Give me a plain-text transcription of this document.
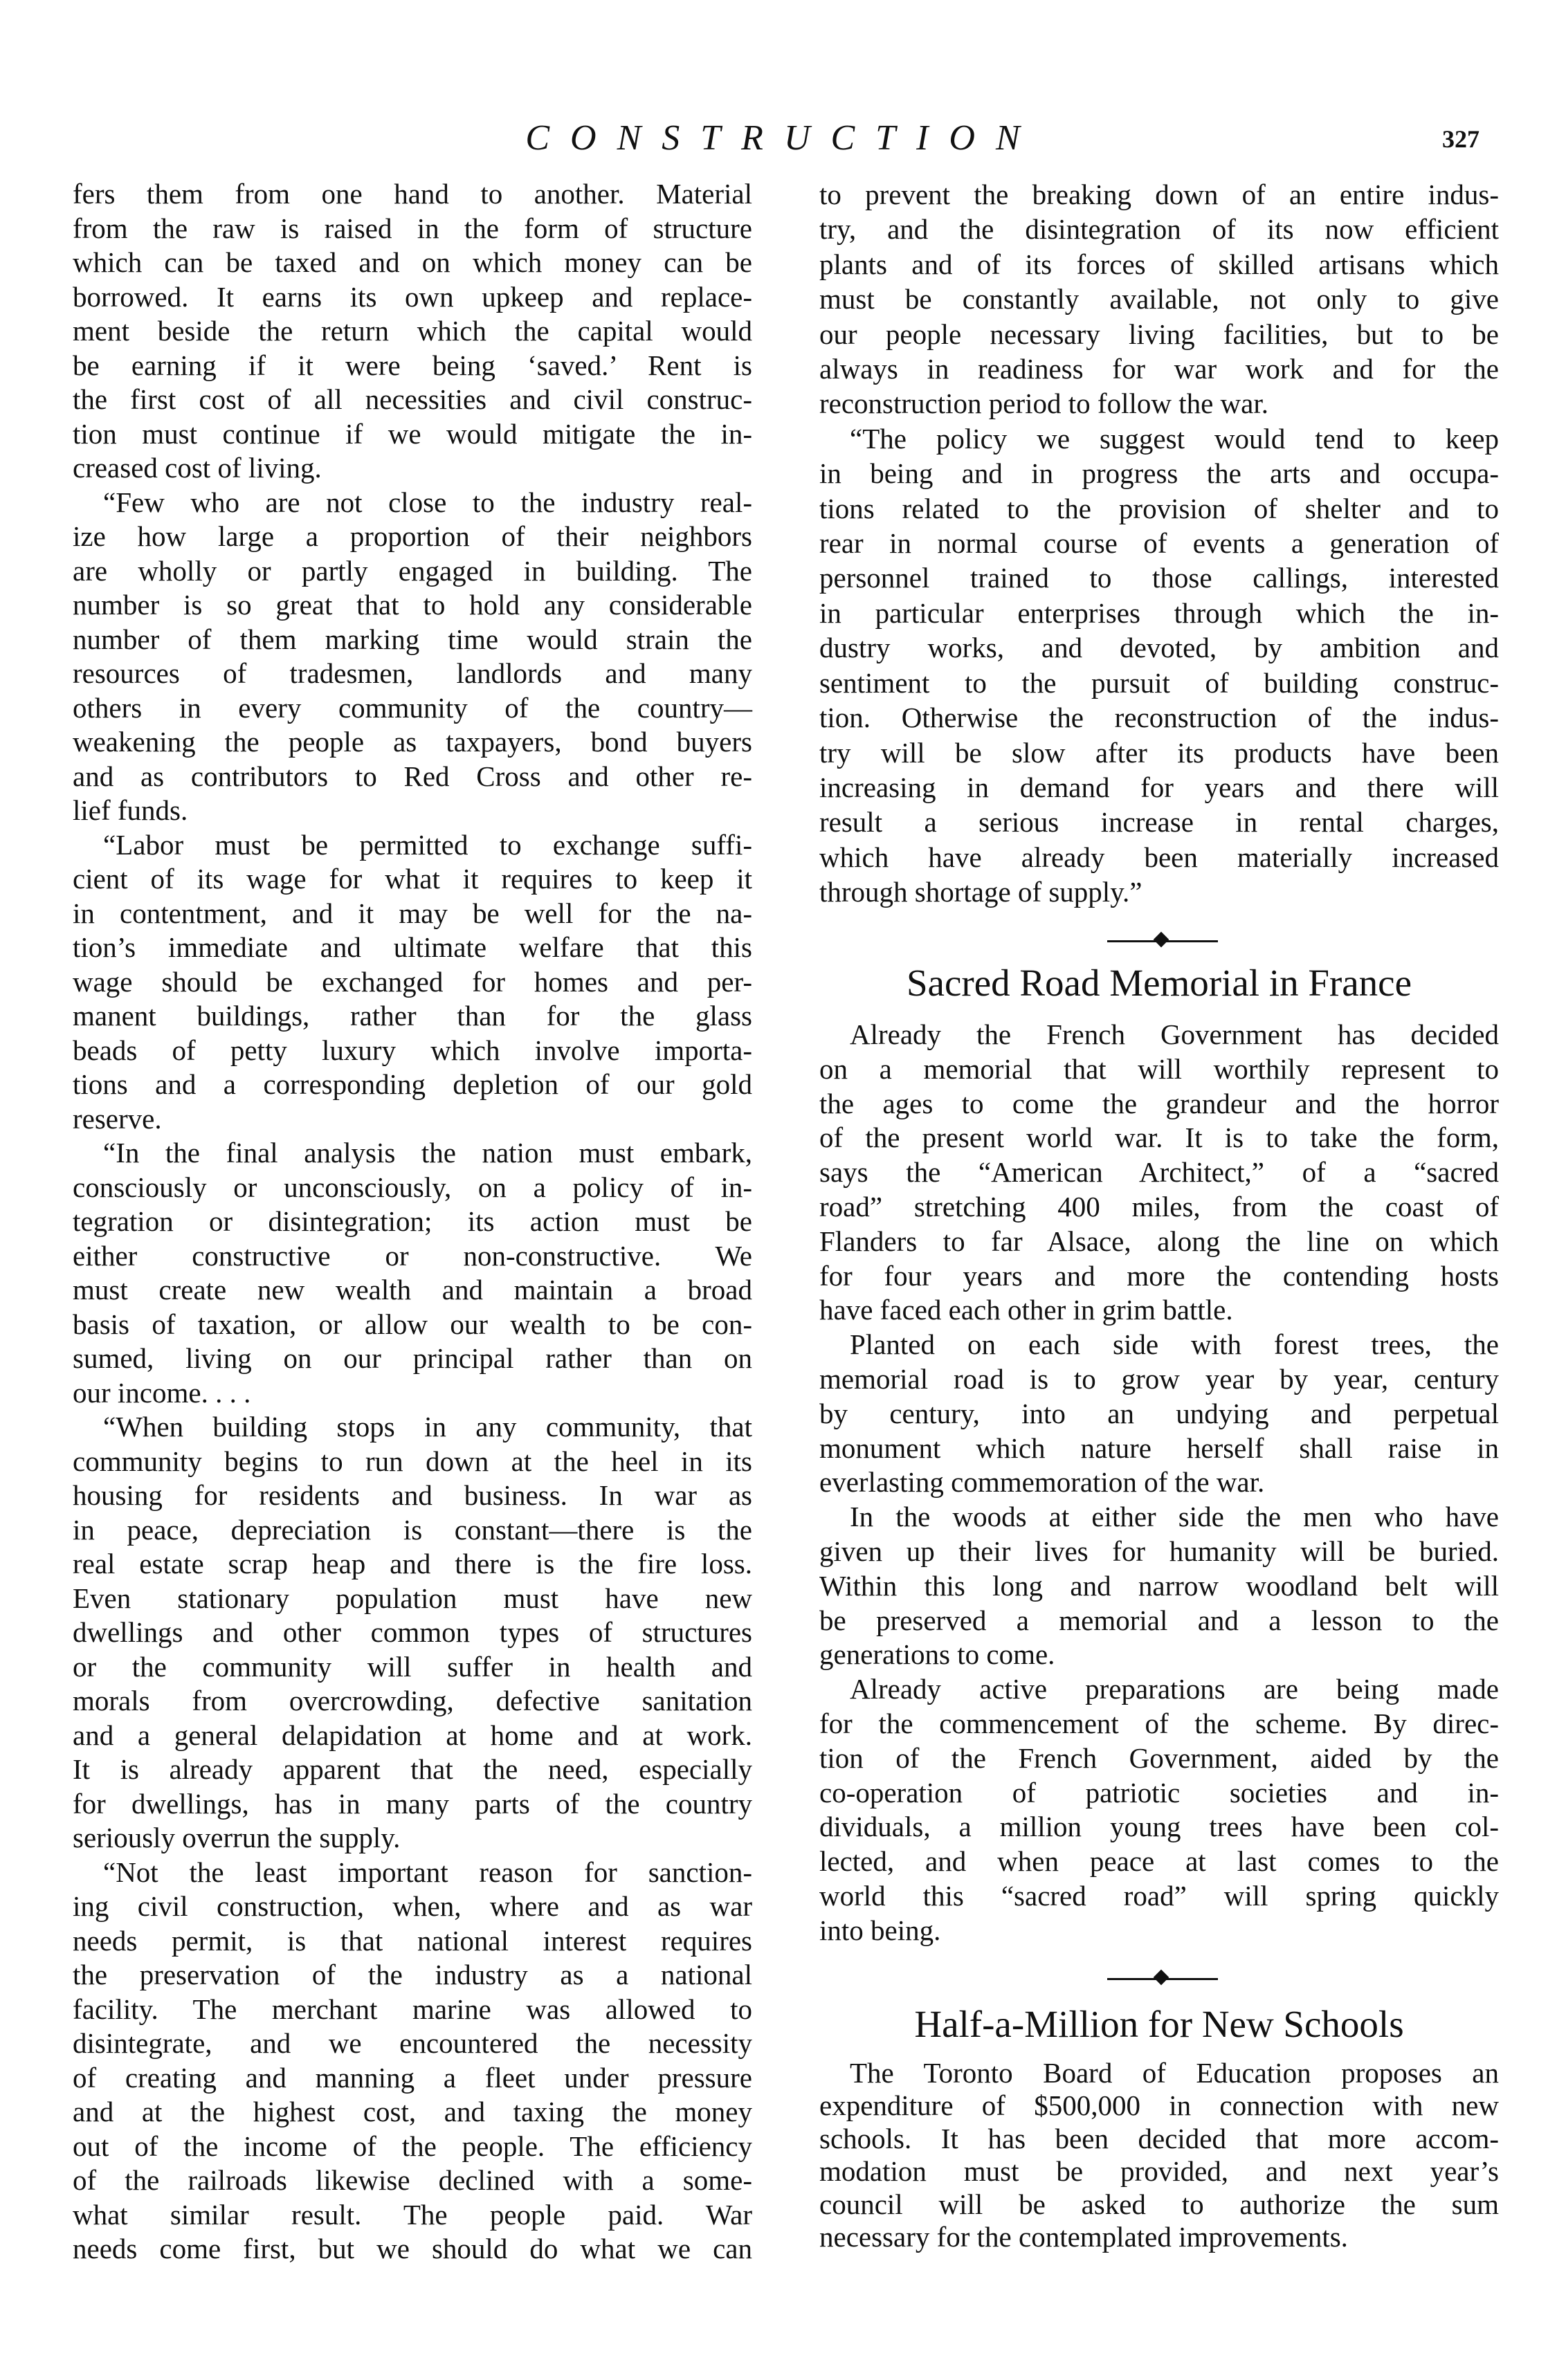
CONSTRUCTION	327
fers them from one hand to another. Material
from the raw is raised in the form of structure
which can be taxed and on which money can be
borrowed. It earns its own upkeep and replace-
ment beside the return which the capital would
be earning if it were being ‘saved.’ Rent is
the first cost of all necessities and civil construc-
tion must continue if we would mitigate the in-
creased cost of living.
“Few who are not close to the industry real-
ize how large a proportion of their neighbors
are wholly or partly engaged in building. The
number is so great that to hold any considerable
number of them marking time would strain the
resources of tradesmen, landlords and many
others in every community of the country—
weakening the people as taxpayers, bond buyers
and as contributors to Red Cross and other re-
lief funds.
“Labor must be permitted to exchange suffi-
cient of its wage for what it requires to keep it
in contentment, and it may be well for the na-
tion’s immediate and ultimate welfare that this
wage should be exchanged for homes and per-
manent buildings, rather than for the glass
beads of petty luxury which involve importa-
tions and a corresponding depletion of our gold
reserve.
“In the final analysis the nation must embark,
consciously or unconsciously, on a policy of in-
tegration or disintegration; its action must be
either constructive or non-constructive. We
must create new wealth and maintain a broad
basis of taxation, or allow our wealth to be con-
sumed, living on our principal rather than on
our income. . . .
“When building stops in any community, that
community begins to run down at the heel in its
housing for residents and business. In war as
in peace, depreciation is constant—there is the
real estate scrap heap and there is the fire loss.
Even stationary population must have new
dwellings and other common types of structures
or the community will suffer in health and
morals from overcrowding, defective sanitation
and a general delapidation at home and at work.
It is already apparent that the need, especially
for dwellings, has in many parts of the country
seriously overrun the supply.
“Not the least important reason for sanction-
ing civil construction, when, where and as war
needs permit, is that national interest requires
the preservation of the industry as a national
facility. The merchant marine was allowed to
disintegrate, and we encountered the necessity
of creating and manning a fleet under pressure
and at the highest cost, and taxing the money
out of the income of the people. The efficiency
of the railroads likewise declined with a some-
what similar result. The people paid. War
needs come first, but we should do what we can
to prevent the breaking down of an entire indus-
try, and the disintegration of its now efficient
plants and of its forces of skilled artisans which
must be constantly available, not only to give
our people necessary living facilities, but to be
always in readiness for war work and for the
reconstruction period to follow the war.
“The policy we suggest would tend to keep
in being and in progress the arts and occupa-
tions related to the provision of shelter and to
rear in normal course of events a generation of
personnel trained to those callings, interested
in particular enterprises through which the in-
dustry works, and devoted, by ambition and
sentiment to the pursuit of building construc-
tion. Otherwise the reconstruction of the indus-
try will be slow after its products have been
increasing in demand for years and there will
result a serious increase in rental charges,
which have already been materially increased
through shortage of supply.”
Sacred Road Memorial in France
Already the French Government has decided
on a memorial that will worthily represent to
the ages to come the grandeur and the horror
of the present world war. It is to take the form,
says the “American Architect,” of a “sacred
road” stretching 400 miles, from the coast of
Flanders to far Alsace, along the line on which
for four years and more the contending hosts
have faced each other in grim battle.
Planted on each side with forest trees, the
memorial road is to grow year by year, century
by century, into an undying and perpetual
monument which nature herself shall raise in
everlasting commemoration of the war.
In the woods at either side the men who have
given up their lives for humanity will be buried.
Within this long and narrow woodland belt will
be preserved a memorial and a lesson to the
generations to come.
Already active preparations are being made
for the commencement of the scheme. By direc-
tion of the French Government, aided by the
co-operation of patriotic societies and in-
dividuals, a million young trees have been col-
lected, and when peace at last comes to the
world this “sacred road” will spring quickly
into being.
Half-a-Million for New Schools
The Toronto Board of Education proposes an
expenditure of $500,000 in connection with new
schools. It has been decided that more accom-
modation must be provided, and next year’s
council will be asked to authorize the sum
necessary for the contemplated improvements.
